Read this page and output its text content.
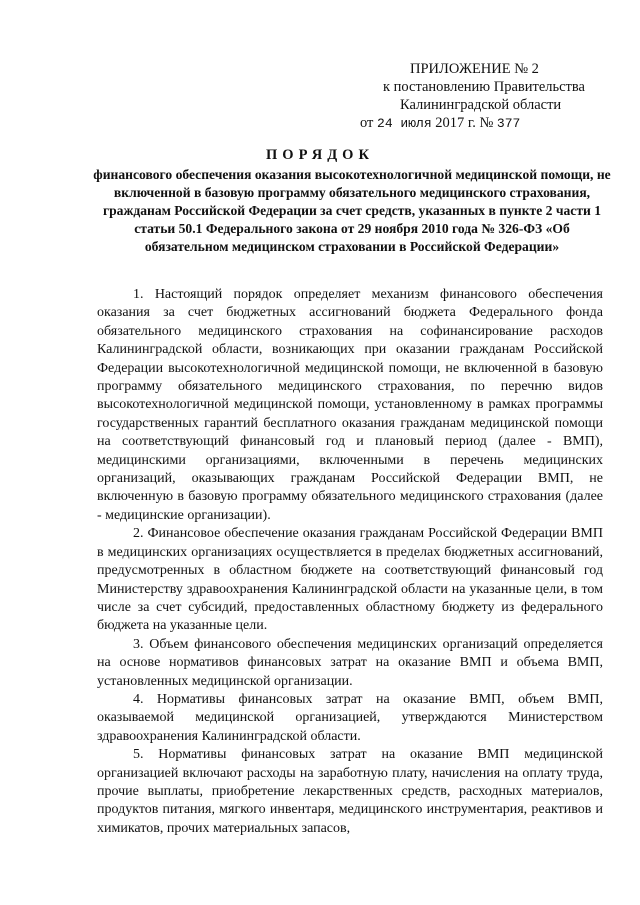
ПРИЛОЖЕНИЕ № 2
к постановлению Правительства
Калининградской области
от 24 июля 2017 г. № 377
ПОРЯДОК
финансового обеспечения оказания высокотехнологичной медицинской помощи, не включенной в базовую программу обязательного медицинского страхования, гражданам Российской Федерации за счет средств, указанных в пункте 2 части 1 статьи 50.1 Федерального закона от 29 ноября 2010 года № 326-ФЗ «Об обязательном медицинском страховании в Российской Федерации»

1. Настоящий порядок определяет механизм финансового обеспечения оказания за счет бюджетных ассигнований бюджета Федерального фонда обязательного медицинского страхования на софинансирование расходов Калининградской области, возникающих при оказании гражданам Российской Федерации высокотехнологичной медицинской помощи, не включенной в базовую программу обязательного медицинского страхования, по перечню видов высокотехнологичной медицинской помощи, установленному в рамках программы государственных гарантий бесплатного оказания гражданам медицинской помощи на соответствующий финансовый год и плановый период (далее - ВМП), медицинскими организациями, включенными в перечень медицинских организаций, оказывающих гражданам Российской Федерации ВМП, не включенную в базовую программу обязательного медицинского страхования (далее - медицинские организации).

2. Финансовое обеспечение оказания гражданам Российской Федерации ВМП в медицинских организациях осуществляется в пределах бюджетных ассигнований, предусмотренных в областном бюджете на соответствующий финансовый год Министерству здравоохранения Калининградской области на указанные цели, в том числе за счет субсидий, предоставленных областному бюджету из федерального бюджета на указанные цели.

3. Объем финансового обеспечения медицинских организаций определяется на основе нормативов финансовых затрат на оказание ВМП и объема ВМП, установленных медицинской организации.

4. Нормативы финансовых затрат на оказание ВМП, объем ВМП, оказываемой медицинской организацией, утверждаются Министерством здравоохранения Калининградской области.

5. Нормативы финансовых затрат на оказание ВМП медицинской организацией включают расходы на заработную плату, начисления на оплату труда, прочие выплаты, приобретение лекарственных средств, расходных материалов, продуктов питания, мягкого инвентаря, медицинского инструментария, реактивов и химикатов, прочих материальных запасов,
